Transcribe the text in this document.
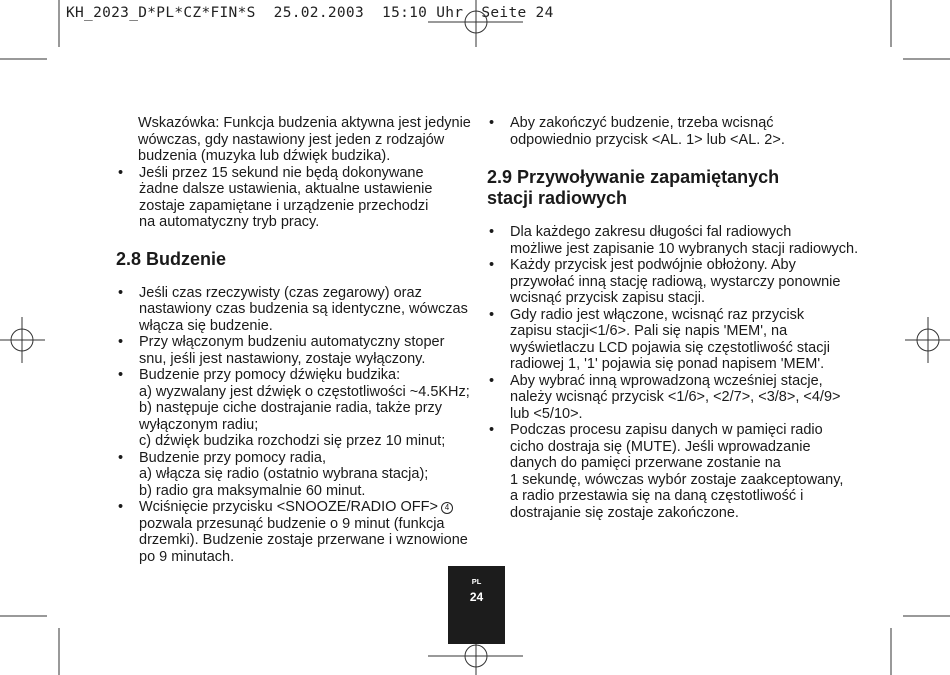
KH_2023_D*PL*CZ*FIN*S  25.02.2003  15:10 Uhr  Seite 24
Wskazówka: Funkcja budzenia aktywna jest jedynie
wówczas, gdy nastawiony jest jeden z rodzajów
budzenia (muzyka lub dźwięk budzika).
• Jeśli przez 15 sekund nie będą dokonywane
żadne dalsze ustawienia, aktualne ustawienie
zostaje zapamiętane i urządzenie przechodzi
na automatyczny tryb pracy.
2.8 Budzenie
• Jeśli czas rzeczywisty (czas zegarowy) oraz
nastawiony czas budzenia są identyczne, wówczas
włącza się budzenie.
• Przy włączonym budzeniu automatyczny stoper
snu, jeśli jest nastawiony, zostaje wyłączony.
• Budzenie przy pomocy dźwięku budzika:
a) wyzwalany jest dźwięk o częstotliwości ~4.5KHz;
b) następuje ciche dostrajanie radia, także przy
wyłączonym radiu;
c) dźwięk budzika rozchodzi się przez 10 minut;
• Budzenie przy pomocy radia,
a) włącza się radio (ostatnio wybrana stacja);
b) radio gra maksymalnie 60 minut.
• Wciśnięcie przycisku <SNOOZE/RADIO OFF> 4
pozwala przesunąć budzenie o 9 minut (funkcja
drzemki). Budzenie zostaje przerwane i wznowione
po 9 minutach.
• Aby zakończyć budzenie, trzeba wcisnąć
odpowiednio przycisk <AL. 1> lub <AL. 2>.
2.9 Przywoływanie zapamiętanych
stacji radiowych
• Dla każdego zakresu długości fal radiowych
możliwe jest zapisanie 10 wybranych stacji radiowych.
• Każdy przycisk jest podwójnie obłożony. Aby
przywołać inną stację radiową, wystarczy ponownie
wcisnąć przycisk zapisu stacji.
• Gdy radio jest włączone, wcisnąć raz przycisk
zapisu stacji<1/6>. Pali się napis 'MEM', na
wyświetlaczu LCD pojawia się częstotliwość stacji
radiowej 1, '1' pojawia się ponad napisem 'MEM'.
• Aby wybrać inną wprowadzoną wcześniej stacje,
należy wcisnąć przycisk <1/6>, <2/7>, <3/8>, <4/9>
lub <5/10>.
• Podczas procesu zapisu danych w pamięci radio
cicho dostraja się (MUTE). Jeśli wprowadzanie
danych do pamięci przerwane zostanie na
1 sekundę, wówczas wybór zostaje zaakceptowany,
a radio przestawia się na daną częstotliwość i
dostrajanie się zostaje zakończone.
PL
24
